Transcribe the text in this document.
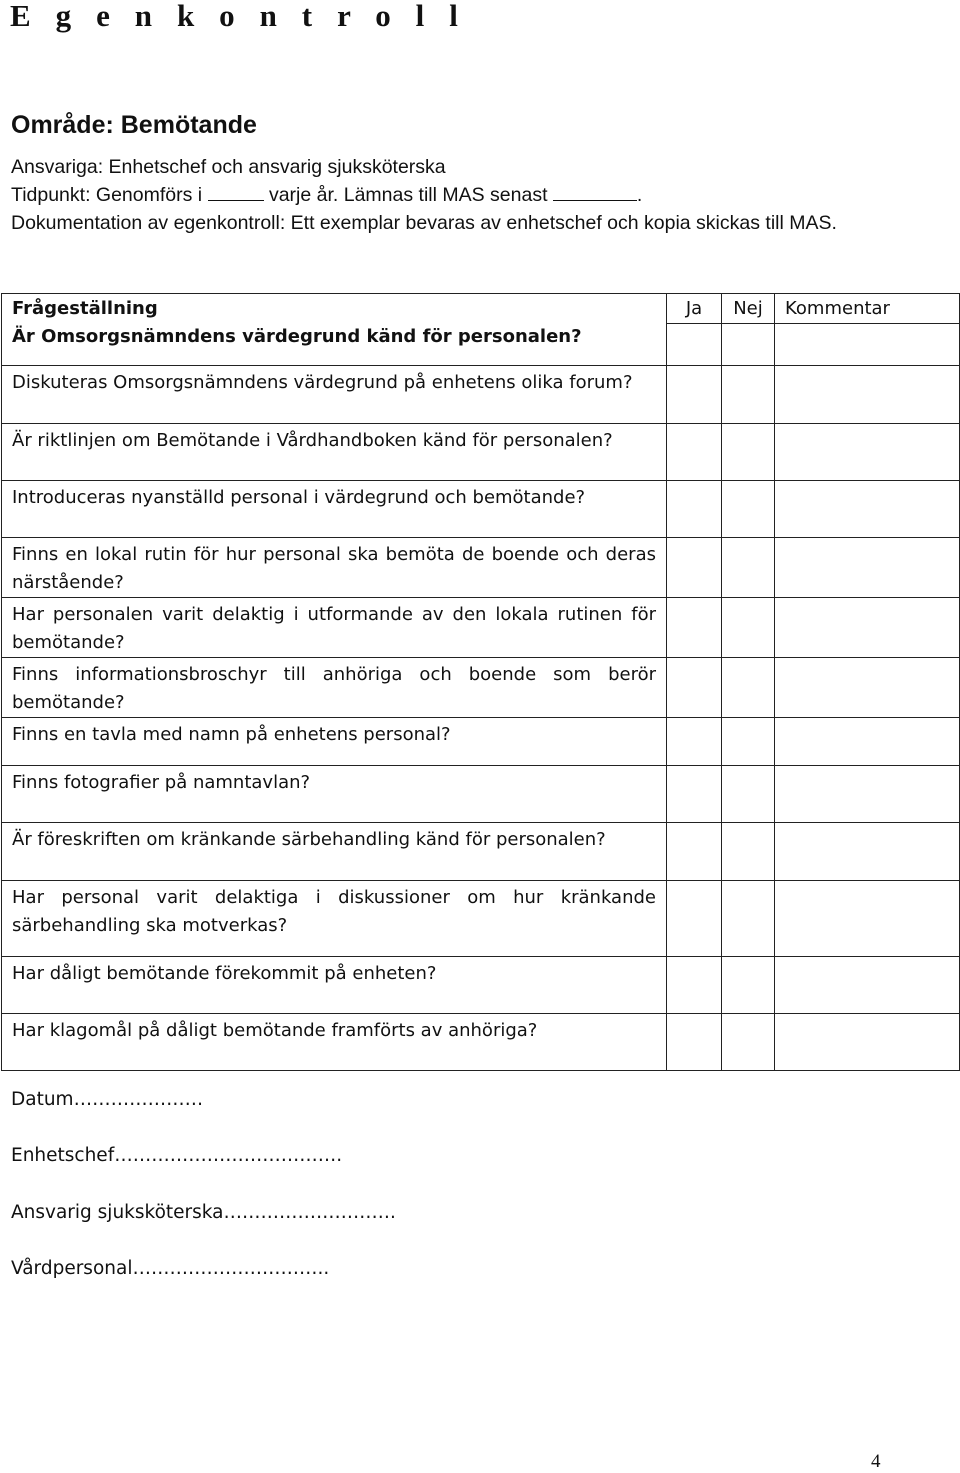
E g e n k o n t r o l l
Område: Bemötande
Ansvariga: Enhetschef och ansvarig sjuksköterska
Tidpunkt: Genomförs i	varje år. Lämnas till MAS senast	.
Dokumentation av egenkontroll: Ett exemplar bevaras av enhetschef och kopia skickas till MAS.
Frågeställning
Är Omsorgsnämndens värdegrund känd för personalen?	Ja	Nej	Kommentar

Diskuteras Omsorgsnämndens värdegrund på enhetens olika forum?			
Är riktlinjen om Bemötande i Vårdhandboken känd för personalen?			
Introduceras nyanställd personal i värdegrund och bemötande?			
Finns en lokal rutin för hur personal ska bemöta de boende och deras närstående?			
Har personalen varit delaktig i utformande av den lokala rutinen för bemötande?			
Finns informationsbroschyr till anhöriga och boende som berör bemötande?			
Finns en tavla med namn på enhetens personal?			
Finns fotografier på namntavlan?			
Är föreskriften om kränkande särbehandling känd för personalen?			
Har personal varit delaktiga i diskussioner om hur kränkande särbehandling ska motverkas?			
Har dåligt bemötande förekommit på enheten?			
Har klagomål på dåligt bemötande framförts av anhöriga?			
Datum…………………
Enhetschef……………………………….
Ansvarig sjuksköterska……………………….
Vårdpersonal…………………………..
4
